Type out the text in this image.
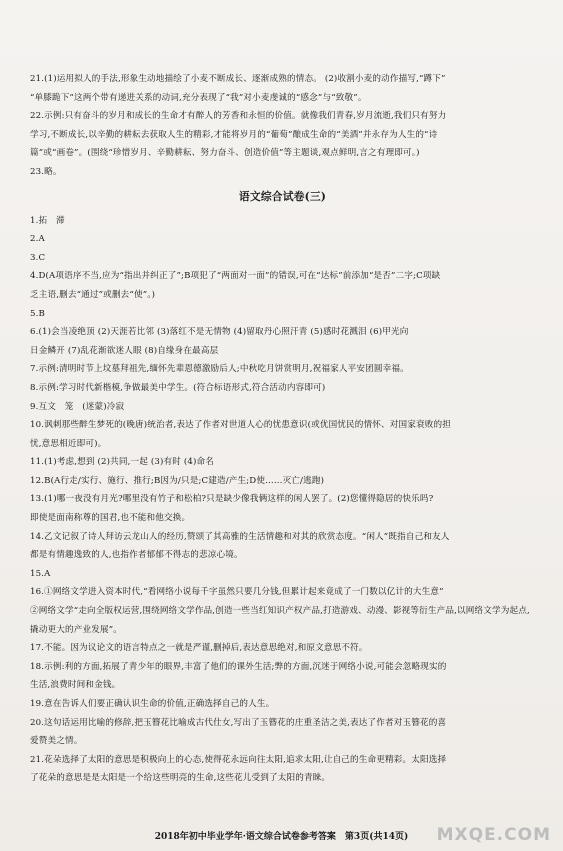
21.(1)运用拟人的手法,形象生动地描绘了小麦不断成长、逐渐成熟的情态。 (2)收割小麦的动作描写,“蹲下”
“单膝跪下”这两个带有递进关系的动词,充分表现了“我”对小麦虔诚的“感念”与“致敬”。
22.示例:只有奋斗的岁月和成长的生命才有醉人的芳香和永恒的价值。就像我们青春,岁月流逝,我们只有努力
学习,不断成长,以辛勤的耕耘去获取人生的精彩,才能将岁月的“葡萄”酿成生命的“美酒”并永存为人生的“诗
篇”或“画卷”。(围绕“珍惜岁月、辛勤耕耘、努力奋斗、创造价值”等主题谈,观点鲜明,言之有理即可。)
23.略。
语文综合试卷(三)
1.拓　滞
2.A
3.C
4.D(A项语序不当,应为“指出并纠正了”;B项犯了“两面对一面”的错误,可在“达标”前添加“是否”二字;C项缺
乏主语,删去“通过”或删去“使”。)
5.B
6.(1)会当凌绝顶 (2)天涯若比邻 (3)落红不是无情物 (4)留取丹心照汗青 (5)感时花溅泪 (6)甲光向
日金鳞开 (7)乱花渐欲迷人眼 (8)自缘身在最高层
7.示例:清明时节上坟墓拜祖先,缅怀先辈恩德激励后人;中秋吃月饼赏明月,祝福家人平安团圆幸福。
8.示例:学习时代新楷模,争做最美中学生。(符合标语形式,符合活动内容即可)
9.互文　笼　(迷蒙)冷寂
10.讽刺那些醉生梦死的(晚唐)统治者,表达了作者对世道人心的忧患意识(或优国忧民的情怀、对国家衰败的担
忧,意思相近即可)。
11.(1)考虑,想到 (2)共同,一起 (3)有时 (4)命名
12.B(A行走/实行、施行、推行;B因为/只是;C建造/产生;D使……灭亡/逃跑)
13.(1)哪一夜没有月光?哪里没有竹子和松柏?只是缺少像我俩这样的闲人罢了。(2)您懂得隐居的快乐吗?
即使是面南称尊的国君,也不能和他交换。
14.乙文记叙了诗人拜访云龙山人的经历,赞颂了其高雅的生活情趣和对其的欣赏态度。“闲人”既指自己和友人
都是有情趣逸致的人,也指作者郁郁不得志的悲凉心境。
15.A
16.①网络文学进入资本时代,“看网络小说每千字虽然只要几分钱,但累计起来竟成了一门数以亿计的大生意”
②网络文学“走向全版权运营,围绕网络文学作品,创造一些当红知识产权产品,打造游戏、动漫、影视等衍生产品,以网络文学为起点,
撬动更大的产业发展”。
17.不能。因为议论文的语言特点之一就是严谨,删掉后,表达意思绝对,和原文意思不符。
18.示例:利的方面,拓展了青少年的眼界,丰富了他们的课外生活;弊的方面,沉迷于网络小说,可能会忽略现实的
生活,浪费时间和金钱。
19.意在告诉人们要正确认识生命的价值,正确选择自己的人生。
20.这句话运用比喻的修辞,把玉簪花比喻成古代仕女,写出了玉簪花的庄重圣洁之美,表达了作者对玉簪花的喜
爱赞美之情。
21.花朵选择了太阳的意思是积极向上的心态,使得花永远向往太阳,追求太阳,让自己的生命更精彩。太阳选择
了花朵的意思是是太阳是一个给这些明亮的生命,这些花儿受到了太阳的青睐。
2018年初中毕业学年·语文综合试卷参考答案　第3页(共14页)	MXQE.COM
